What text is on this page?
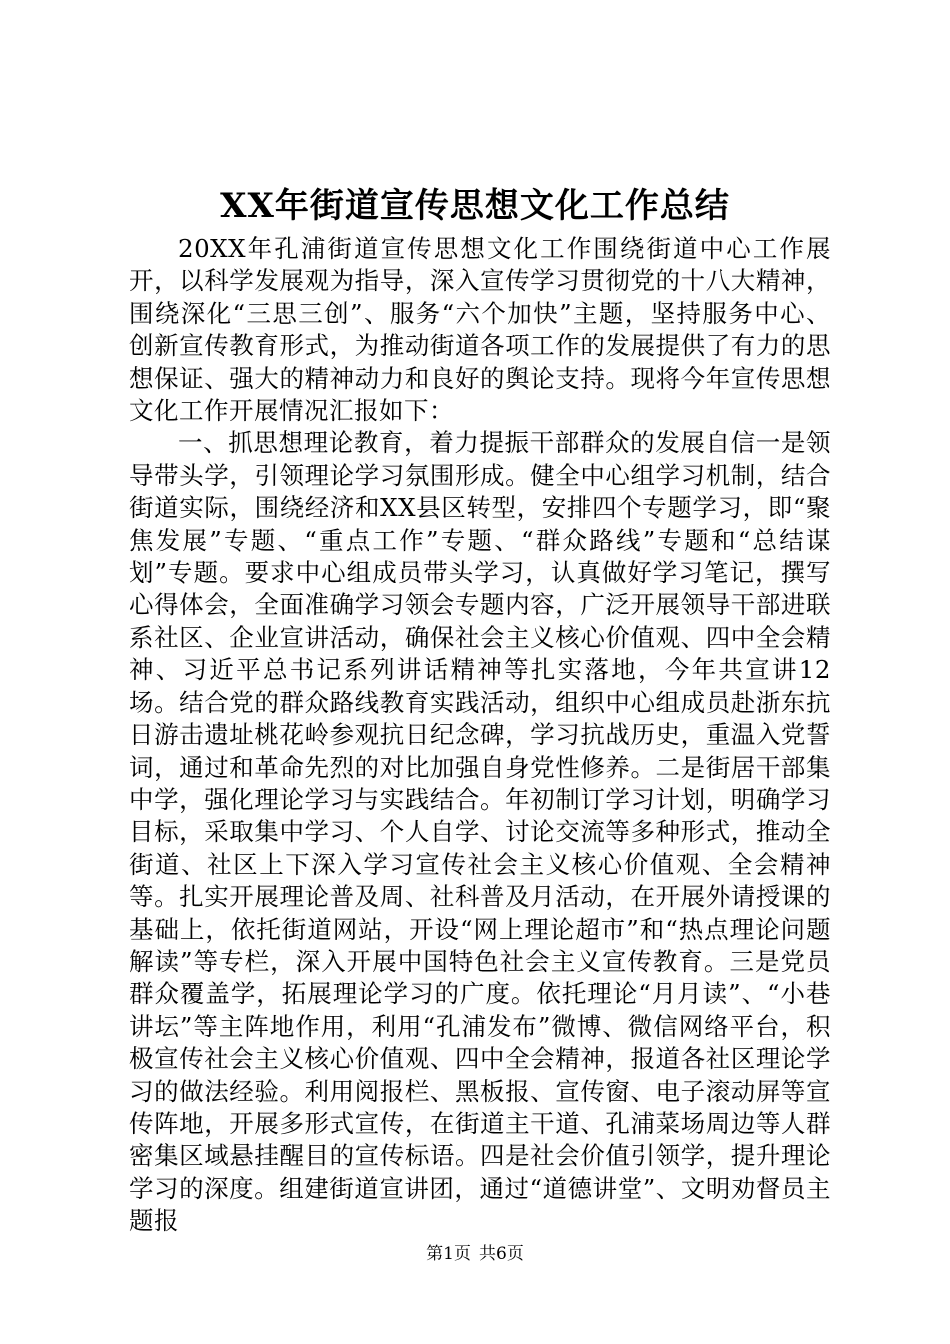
XX年街道宣传思想文化工作总结

20XX年孔浦街道宣传思想文化工作围绕街道中心工作展开，以科学发展观为指导，深入宣传学习贯彻党的十八大精神，围绕深化“三思三创”、服务“六个加快”主题，坚持服务中心、创新宣传教育形式，为推动街道各项工作的发展提供了有力的思想保证、强大的精神动力和良好的舆论支持。现将今年宣传思想文化工作开展情况汇报如下：

一、抓思想理论教育，着力提振干部群众的发展自信一是领导带头学，引领理论学习氛围形成。健全中心组学习机制，结合街道实际，围绕经济和XX县区转型，安排四个专题学习，即“聚焦发展”专题、“重点工作”专题、“群众路线”专题和“总结谋划”专题。要求中心组成员带头学习，认真做好学习笔记，撰写心得体会，全面准确学习领会专题内容，广泛开展领导干部进联系社区、企业宣讲活动，确保社会主义核心价值观、四中全会精神、习近平总书记系列讲话精神等扎实落地，今年共宣讲12场。结合党的群众路线教育实践活动，组织中心组成员赴浙东抗日游击遗址桃花岭参观抗日纪念碑，学习抗战历史，重温入党誓词，通过和革命先烈的对比加强自身党性修养。二是街居干部集中学，强化理论学习与实践结合。年初制订学习计划，明确学习目标，采取集中学习、个人自学、讨论交流等多种形式，推动全街道、社区上下深入学习宣传社会主义核心价值观、全会精神等。扎实开展理论普及周、社科普及月活动，在开展外请授课的基础上，依托街道网站，开设“网上理论超市”和“热点理论问题解读”等专栏，深入开展中国特色社会主义宣传教育。三是党员群众覆盖学，拓展理论学习的广度。依托理论“月月读”、“小巷讲坛”等主阵地作用，利用“孔浦发布”微博、微信网络平台，积极宣传社会主义核心价值观、四中全会精神，报道各社区理论学习的做法经验。利用阅报栏、黑板报、宣传窗、电子滚动屏等宣传阵地，开展多形式宣传，在街道主干道、孔浦菜场周边等人群密集区域悬挂醒目的宣传标语。四是社会价值引领学，提升理论学习的深度。组建街道宣讲团，通过“道德讲堂”、文明劝督员主题报

第1页 共6页
